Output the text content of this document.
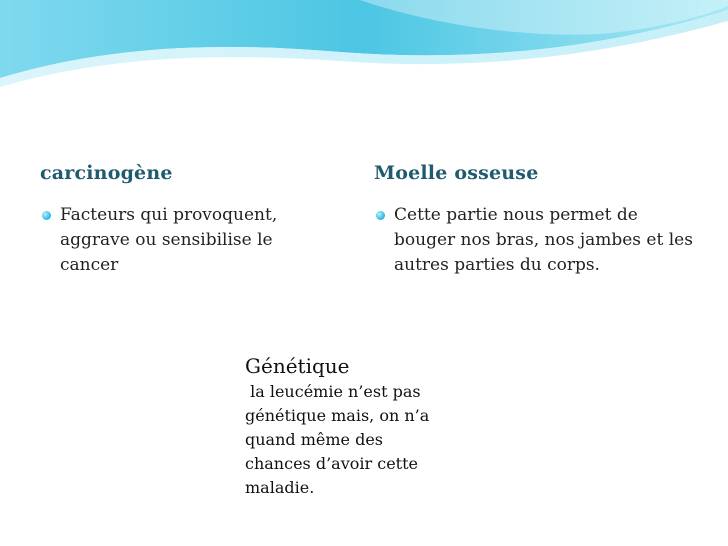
carcinogène
Facteurs qui provoquent, aggrave ou sensibilise le cancer
Moelle osseuse
Cette partie nous permet de bouger nos bras, nos jambes et les autres parties du corps.
Génétique
la leucémie n’est pas génétique mais, on n’a quand même des chances d’avoir cette maladie.
